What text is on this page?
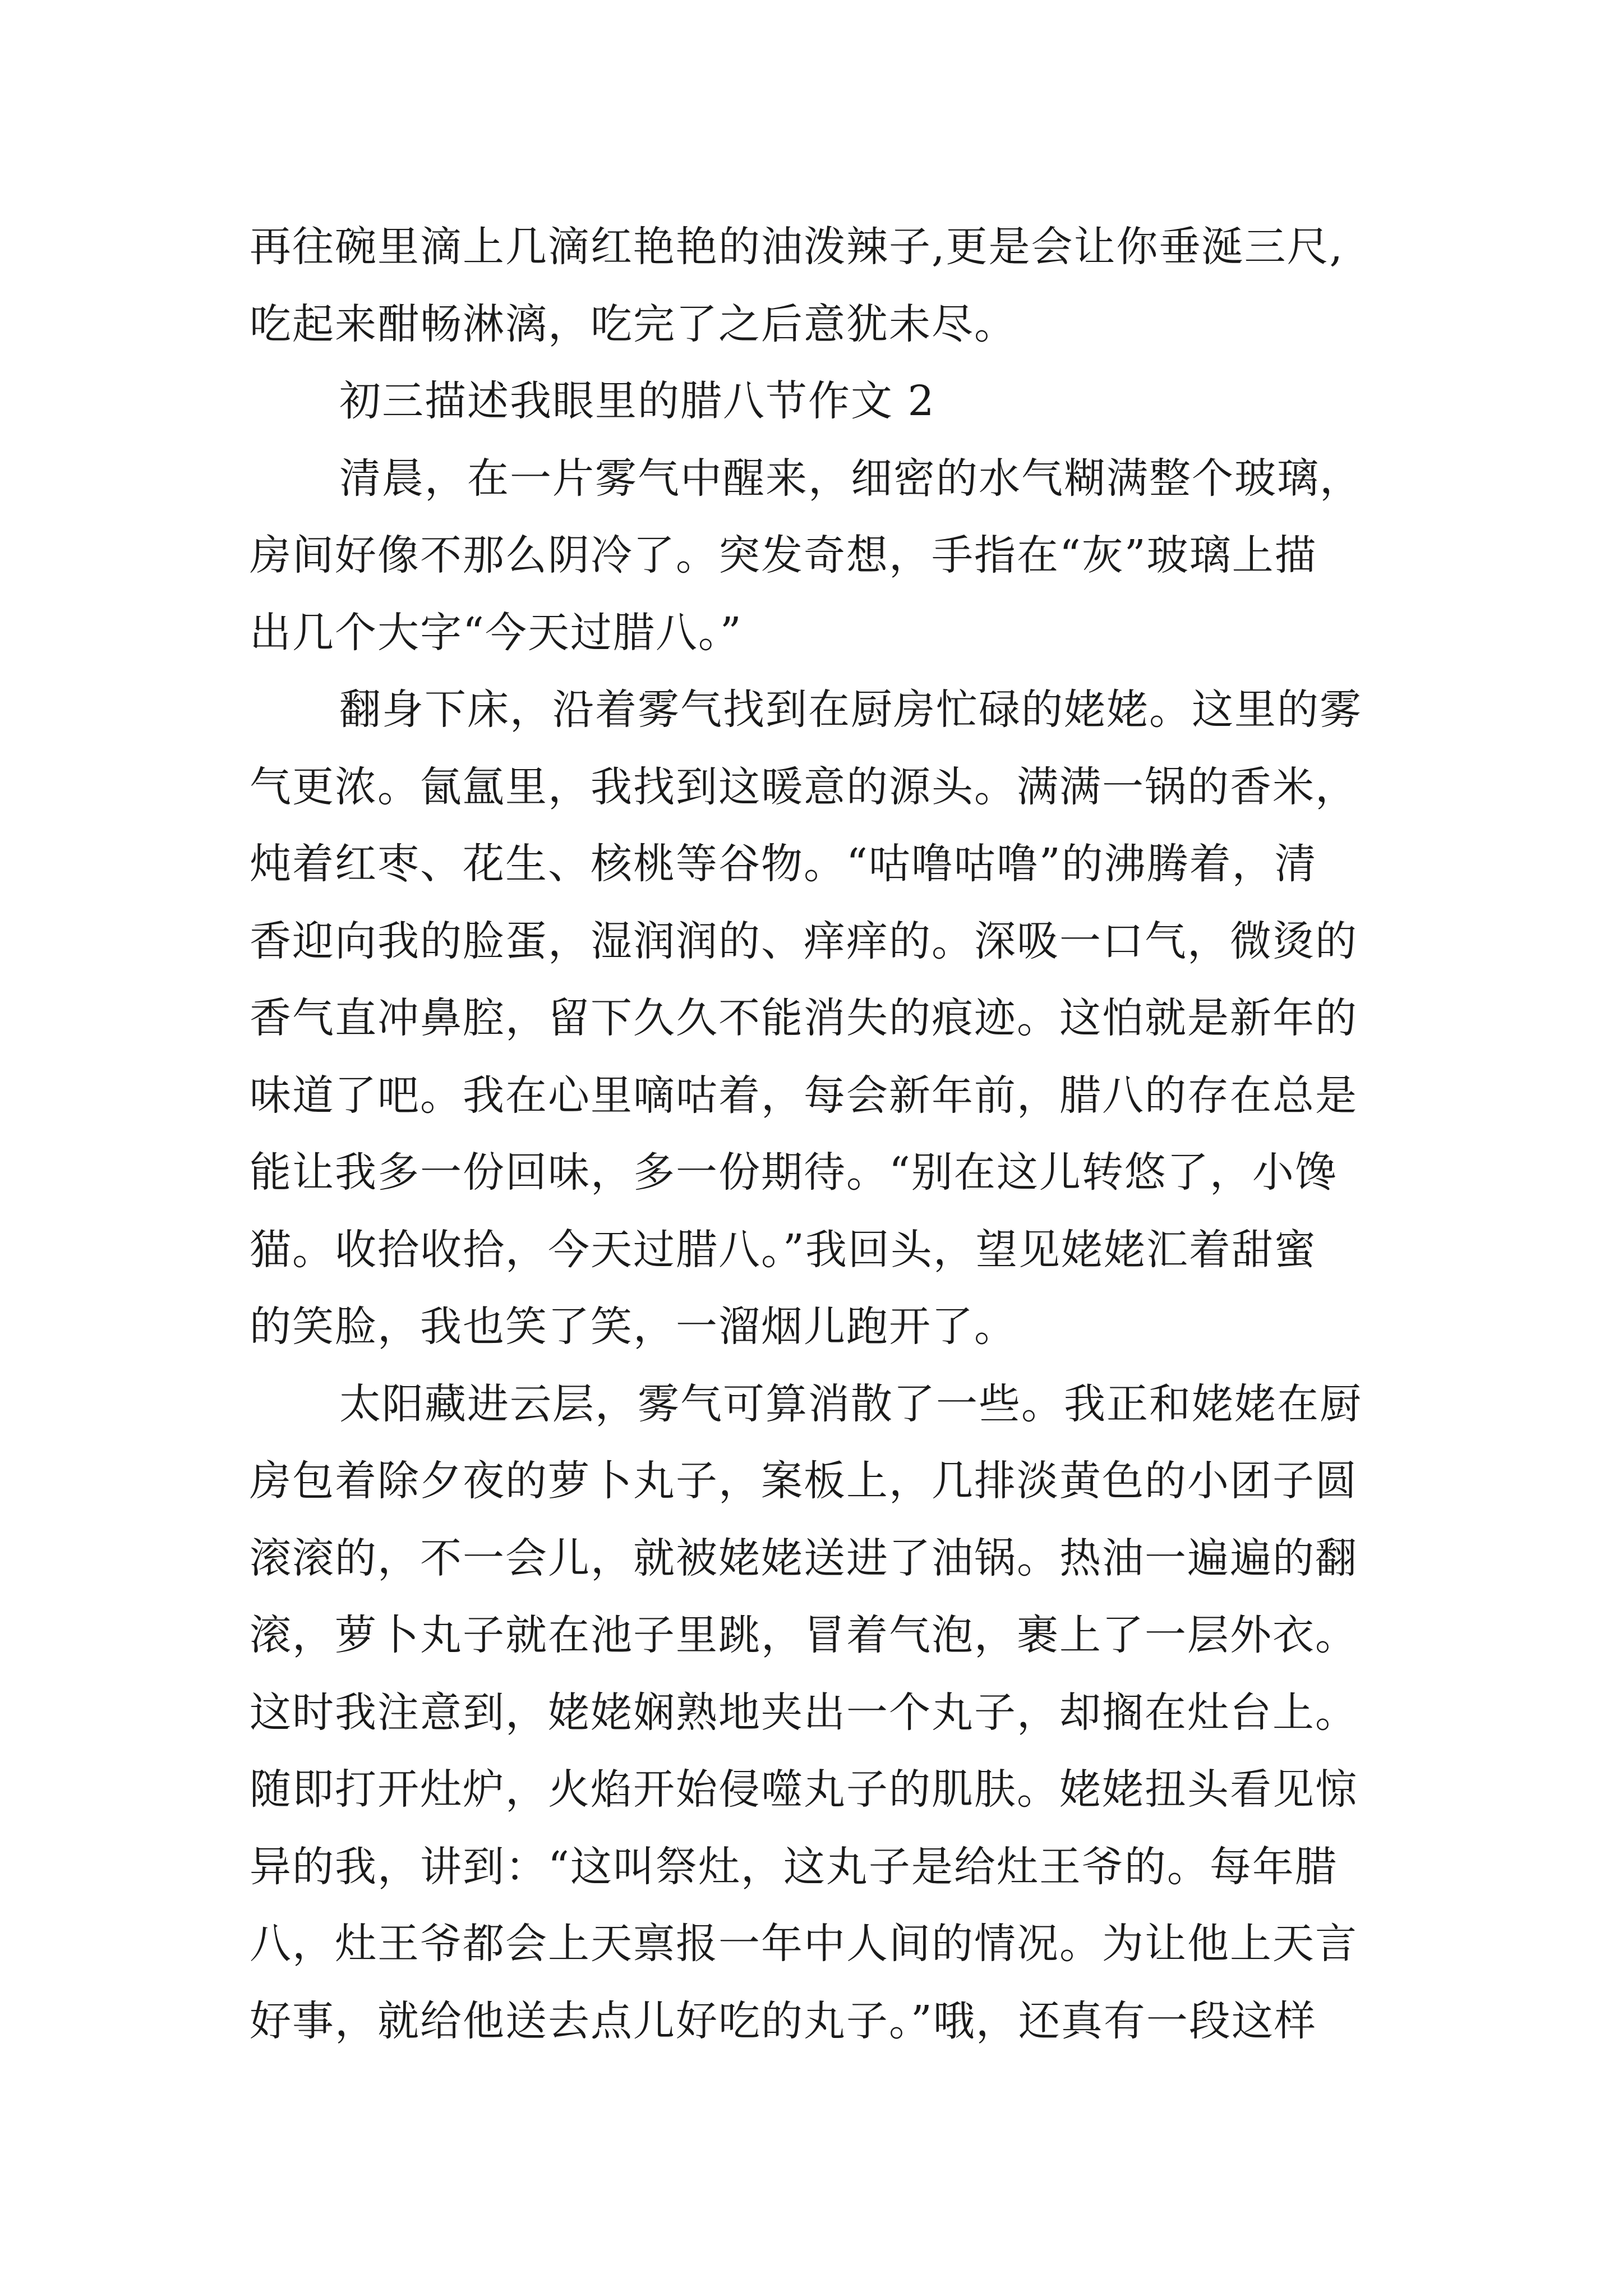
再往碗里滴上几滴红艳艳的油泼辣子,更是会让你垂涎三尺,
吃起来酣畅淋漓，吃完了之后意犹未尽。
初三描述我眼里的腊八节作文 2
清晨，在一片雾气中醒来，细密的水气糊满整个玻璃，
房间好像不那么阴冷了。突发奇想，手指在“灰”玻璃上描
出几个大字“今天过腊八。”
翻身下床，沿着雾气找到在厨房忙碌的姥姥。这里的雾
气更浓。氤氲里，我找到这暖意的源头。满满一锅的香米，
炖着红枣、花生、核桃等谷物。“咕噜咕噜”的沸腾着，清
香迎向我的脸蛋，湿润润的、痒痒的。深吸一口气，微烫的
香气直冲鼻腔，留下久久不能消失的痕迹。这怕就是新年的
味道了吧。我在心里嘀咕着，每会新年前，腊八的存在总是
能让我多一份回味，多一份期待。“别在这儿转悠了，小馋
猫。收拾收拾，今天过腊八。”我回头，望见姥姥汇着甜蜜
的笑脸，我也笑了笑，一溜烟儿跑开了。
太阳藏进云层，雾气可算消散了一些。我正和姥姥在厨
房包着除夕夜的萝卜丸子，案板上，几排淡黄色的小团子圆
滚滚的，不一会儿，就被姥姥送进了油锅。热油一遍遍的翻
滚，萝卜丸子就在池子里跳，冒着气泡，裹上了一层外衣。
这时我注意到，姥姥娴熟地夹出一个丸子，却搁在灶台上。
随即打开灶炉，火焰开始侵噬丸子的肌肤。姥姥扭头看见惊
异的我，讲到：“这叫祭灶，这丸子是给灶王爷的。每年腊
八，灶王爷都会上天禀报一年中人间的情况。为让他上天言
好事，就给他送去点儿好吃的丸子。”哦，还真有一段这样
